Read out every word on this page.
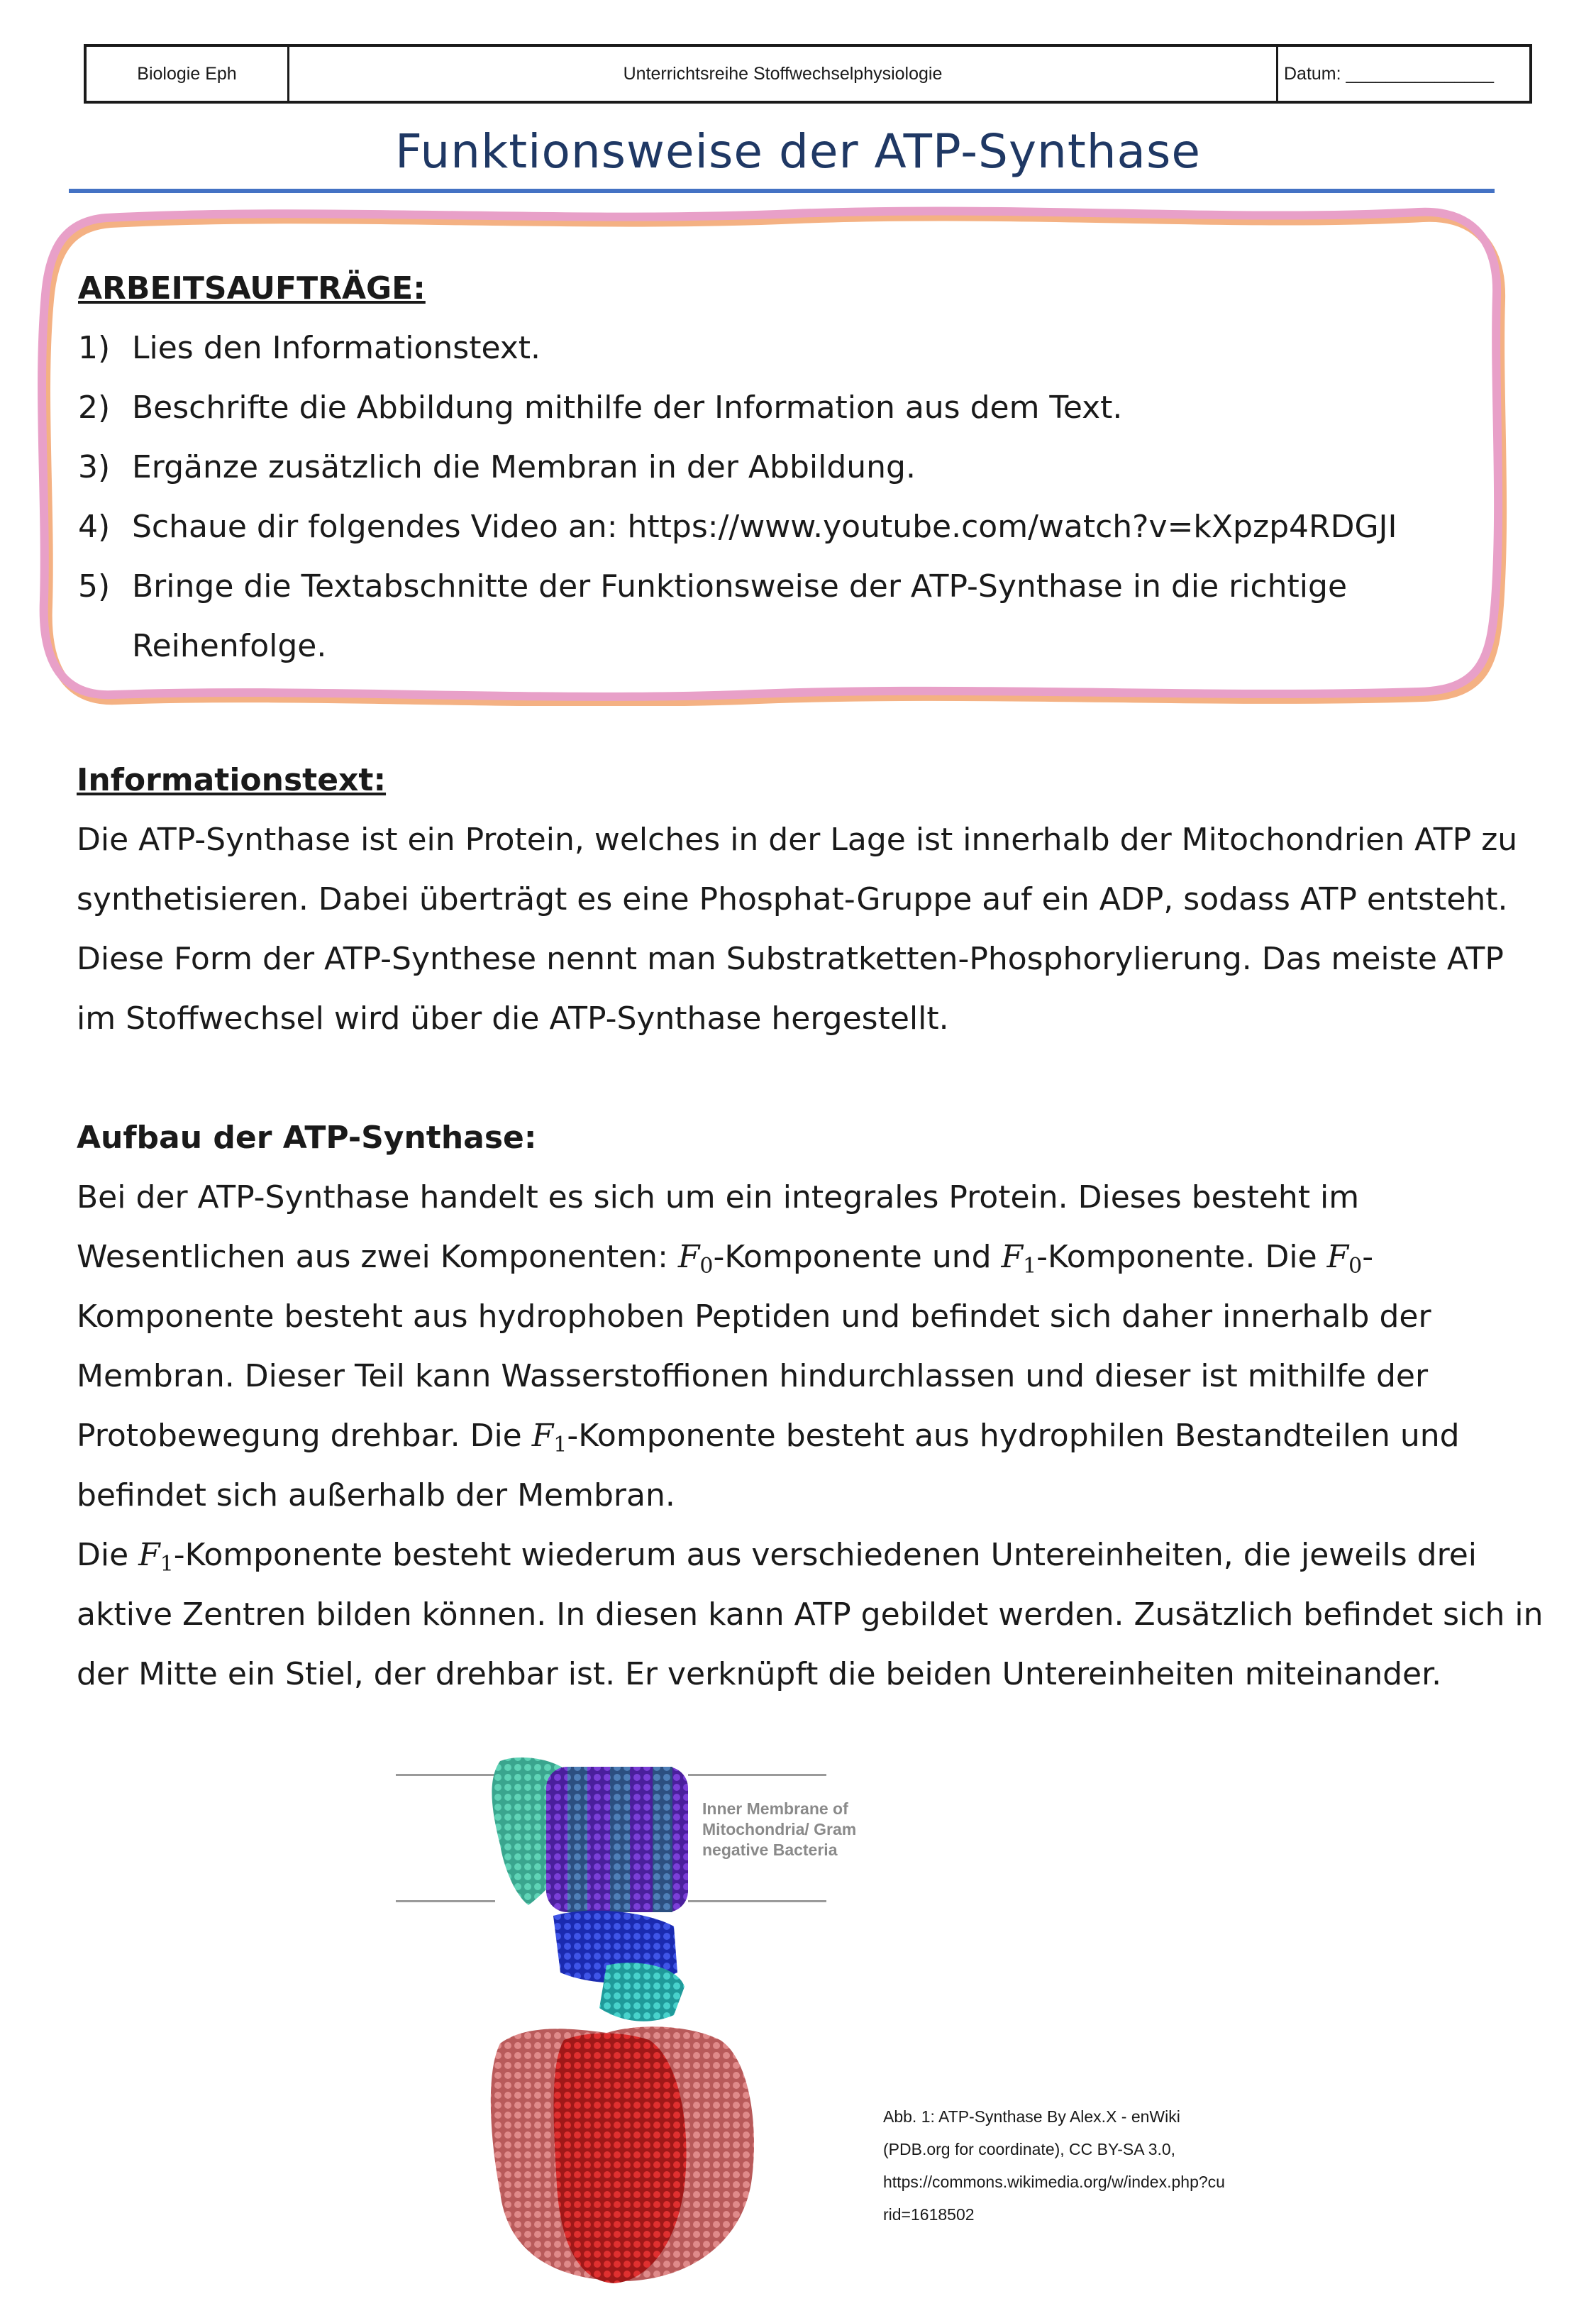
Biologie Eph	Unterrichtsreihe Stoffwechselphysiologie	Datum: _______________
Funktionsweise der ATP-Synthase
ARBEITSAUFTRÄGE:
1) Lies den Informationstext.
2) Beschrifte die Abbildung mithilfe der Information aus dem Text.
3) Ergänze zusätzlich die Membran in der Abbildung.
4) Schaue dir folgendes Video an: https://www.youtube.com/watch?v=kXpzp4RDGJI
5) Bringe die Textabschnitte der Funktionsweise der ATP-Synthase in die richtige Reihenfolge.
Informationstext:
Die ATP-Synthase ist ein Protein, welches in der Lage ist innerhalb der Mitochondrien ATP zu synthetisieren. Dabei überträgt es eine Phosphat-Gruppe auf ein ADP, sodass ATP entsteht. Diese Form der ATP-Synthese nennt man Substratketten-Phosphorylierung. Das meiste ATP im Stoffwechsel wird über die ATP-Synthase hergestellt.
Aufbau der ATP-Synthase:
Bei der ATP-Synthase handelt es sich um ein integrales Protein. Dieses besteht im Wesentlichen aus zwei Komponenten: $F_0$-Komponente und $F_1$-Komponente. Die $F_0$-Komponente besteht aus hydrophoben Peptiden und befindet sich daher innerhalb der Membran. Dieser Teil kann Wasserstoffionen hindurchlassen und dieser ist mithilfe der Protobewegung drehbar. Die $F_1$-Komponente besteht aus hydrophilen Bestandteilen und befindet sich außerhalb der Membran.
Die $F_1$-Komponente besteht wiederum aus verschiedenen Untereinheiten, die jeweils drei aktive Zentren bilden können. In diesen kann ATP gebildet werden. Zusätzlich befindet sich in der Mitte ein Stiel, der drehbar ist. Er verknüpft die beiden Untereinheiten miteinander.
Inner Membrane of Mitochondria/ Gram negative Bacteria
Abb. 1: ATP-Synthase By Alex.X - enWiki
(PDB.org for coordinate), CC BY-SA 3.0,
https://commons.wikimedia.org/w/index.php?cu
rid=1618502
